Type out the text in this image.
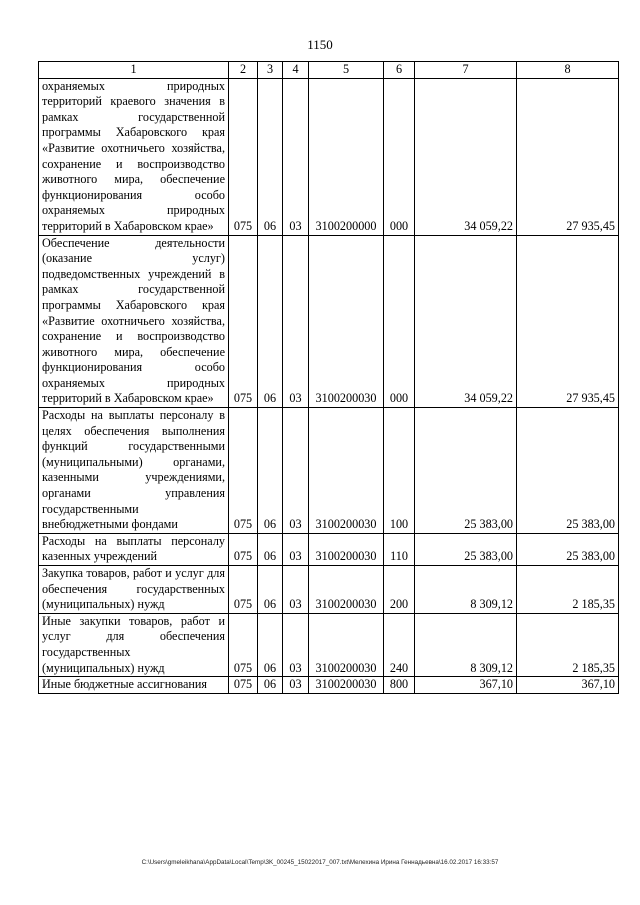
1150
1	2	3	4	5	6	7	8
охраняемых природных территорий краевого значения в рамках государственной программы Хабаровского края «Развитие охотничьего хозяйства, сохранение и воспроизводство животного мира, обеспечение функционирования особо охраняемых природных территорий в Хабаровском крае»	075	06	03	3100200000	000	34 059,22	27 935,45
Обеспечение деятельности (оказание услуг) подведомственных учреждений в рамках государственной программы Хабаровского края «Развитие охотничьего хозяйства, сохранение и воспроизводство животного мира, обеспечение функционирования особо охраняемых природных территорий в Хабаровском крае»	075	06	03	3100200030	000	34 059,22	27 935,45
Расходы на выплаты персоналу в целях обеспечения выполнения функций государственными (муниципальными) органами, казенными учреждениями, органами управления государственными внебюджетными фондами	075	06	03	3100200030	100	25 383,00	25 383,00
Расходы на выплаты персоналу казенных учреждений	075	06	03	3100200030	110	25 383,00	25 383,00
Закупка товаров, работ и услуг для обеспечения государственных (муниципальных) нужд	075	06	03	3100200030	200	8 309,12	2 185,35
Иные закупки товаров, работ и услуг для обеспечения государственных (муниципальных) нужд	075	06	03	3100200030	240	8 309,12	2 185,35
Иные бюджетные ассигнования	075	06	03	3100200030	800	367,10	367,10
C:\Users\gmeleikhana\AppData\Local\Temp\3K_00245_15022017_007.txt\Мелехина Ирина Геннадьевна\16.02.2017 16:33:57
